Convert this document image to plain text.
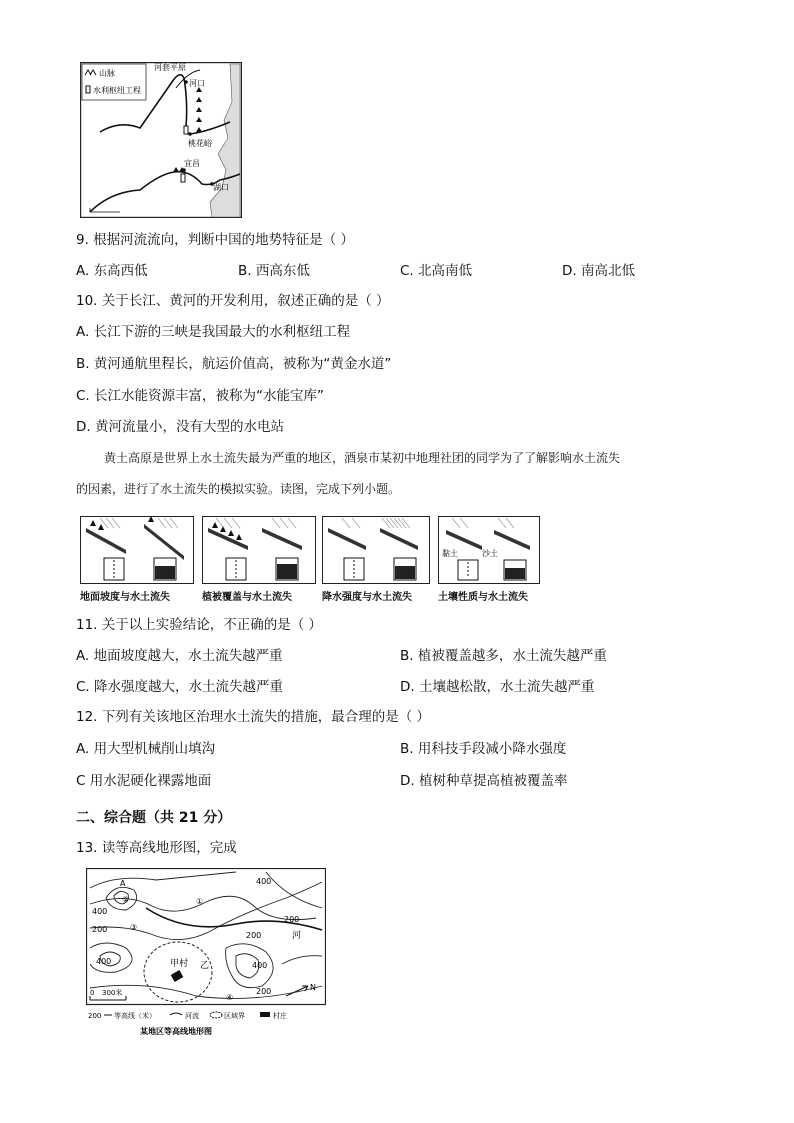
山脉
水利枢纽工程
河套平原
河口
桃花峪
宜昌
湖口
9. 根据河流流向，判断中国的地势特征是（ ）
A. 东高西低	B. 西高东低	C. 北高南低	D. 南高北低
10. 关于长江、黄河的开发利用，叙述正确的是（ ）
A. 长江下游的三峡是我国最大的水利枢纽工程
B. 黄河通航里程长，航运价值高，被称为“黄金水道”
C. 长江水能资源丰富，被称为“水能宝库”
D. 黄河流量小，没有大型的水电站
黄土高原是世界上水土流失最为严重的地区，酒泉市某初中地理社团的同学为了了解影响水土流失
的因素，进行了水土流失的模拟实验。读图，完成下列小题。
黏土	沙土
地面坡度与水土流失	植被覆盖与水土流失	降水强度与水土流失	土壤性质与水土流失
11. 关于以上实验结论，不正确的是（ ）
A. 地面坡度越大，水土流失越严重	B. 植被覆盖越多，水土流失越严重
C. 降水强度越大，水土流失越严重	D. 土壤越松散，水土流失越严重
12. 下列有关该地区治理水土流失的措施，最合理的是（ ）
A. 用大型机械削山填沟	B. 用科技手段减小降水强度
C 用水泥硬化裸露地面	D. 植树种草提高植被覆盖率
二、综合题（共 21 分）
13. 读等高线地形图，完成
甲村 乙
A
②	①
③
④
400
400
200
400	400
200
200
200
河
N
0 300米
200 等高线（米）	河流	区域界	村庄
某地区等高线地形图
